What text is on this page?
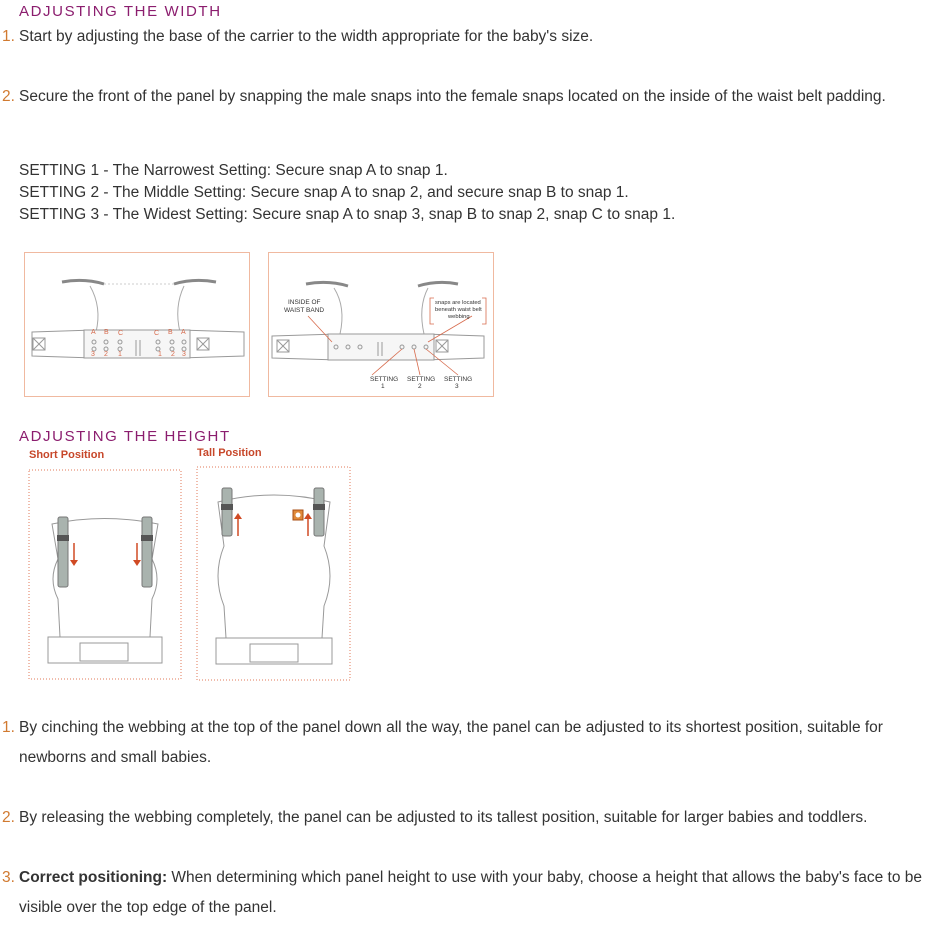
ADJUSTING THE WIDTH
1. Start by adjusting the base of the carrier to the width appropriate for the baby's size.
2. Secure the front of the panel by snapping the male snaps into the female snaps located on the inside of the waist belt padding.
SETTING 1 - The Narrowest Setting: Secure snap A to snap 1.
SETTING 2 - The Middle Setting: Secure snap A to snap 2, and secure snap B to snap 1.
SETTING 3 - The Widest Setting: Secure snap A to snap 3, snap B to snap 2, snap C to snap 1.
A B C	C B A
3 2 1	1 2 3
INSIDE OF
WAIST BAND
snaps are located
beneath waist belt
webbing
SETTING
1
SETTING
2
SETTING
3
ADJUSTING THE HEIGHT
Short Position	Tall Position
1. By cinching the webbing at the top of the panel down all the way, the panel can be adjusted to its shortest position, suitable for newborns and small babies.
2. By releasing the webbing completely, the panel can be adjusted to its tallest position, suitable for larger babies and toddlers.
3. Correct positioning: When determining which panel height to use with your baby, choose a height that allows the baby's face to be visible over the top edge of the panel.
